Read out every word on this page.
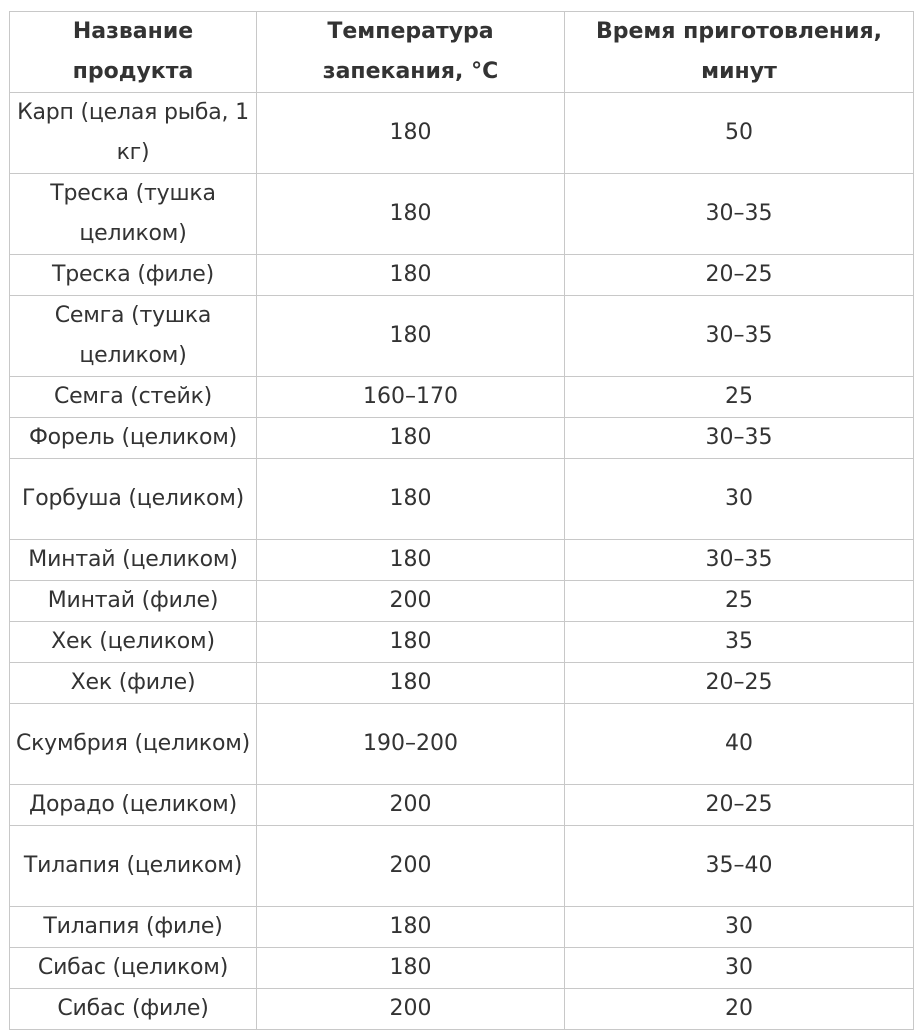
Название продукта	Температура запекания, °C	Время приготовления, минут
Карп (целая рыба, 1 кг)	180	50
Треска (тушка целиком)	180	30–35
Треска (филе)	180	20–25
Семга (тушка целиком)	180	30–35
Семга (стейк)	160–170	25
Форель (целиком)	180	30–35
Горбуша (целиком)	180	30
Минтай (целиком)	180	30–35
Минтай (филе)	200	25
Хек (целиком)	180	35
Хек (филе)	180	20–25
Скумбрия (целиком)	190–200	40
Дорадо (целиком)	200	20–25
Тилапия (целиком)	200	35–40
Тилапия (филе)	180	30
Сибас (целиком)	180	30
Сибас (филе)	200	20
